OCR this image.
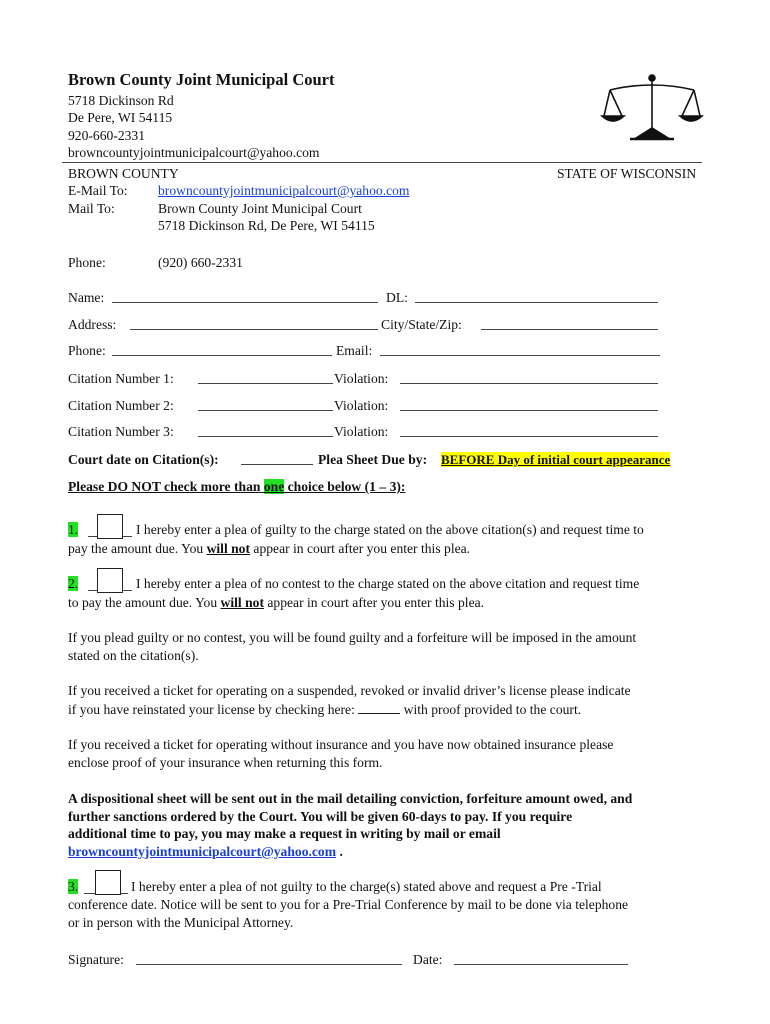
Brown County Joint Municipal Court
5718 Dickinson Rd
De Pere, WI 54115
920-660-2331
browncountyjointmunicipalcourt@yahoo.com
BROWN COUNTY	STATE OF WISCONSIN
E-Mail To: browncountyjointmunicipalcourt@yahoo.com
Mail To:	Brown County Joint Municipal Court
5718 Dickinson Rd, De Pere, WI 54115
Phone:	(920) 660-2331
Name:	DL:
Address:	City/State/Zip:
Phone:	Email:
Citation Number 1:	Violation:
Citation Number 2:	Violation:
Citation Number 3:	Violation:
Court date on Citation(s):	Plea Sheet Due by: BEFORE Day of initial court appearance
Please DO NOT check more than one choice below (1 – 3):
1.	I hereby enter a plea of guilty to the charge stated on the above citation(s) and request time to
pay the amount due. You will not appear in court after you enter this plea.
2.	I hereby enter a plea of no contest to the charge stated on the above citation and request time
to pay the amount due. You will not appear in court after you enter this plea.
If you plead guilty or no contest, you will be found guilty and a forfeiture will be imposed in the amount
stated on the citation(s).
If you received a ticket for operating on a suspended, revoked or invalid driver’s license please indicate
if you have reinstated your license by checking here:	with proof provided to the court.
If you received a ticket for operating without insurance and you have now obtained insurance please
enclose proof of your insurance when returning this form.
A dispositional sheet will be sent out in the mail detailing conviction, forfeiture amount owed, and
further sanctions ordered by the Court. You will be given 60-days to pay. If you require
additional time to pay, you may make a request in writing by mail or email
browncountyjointmunicipalcourt@yahoo.com .
3.	I hereby enter a plea of not guilty to the charge(s) stated above and request a Pre -Trial
conference date. Notice will be sent to you for a Pre-Trial Conference by mail to be done via telephone
or in person with the Municipal Attorney.
Signature:	Date:
